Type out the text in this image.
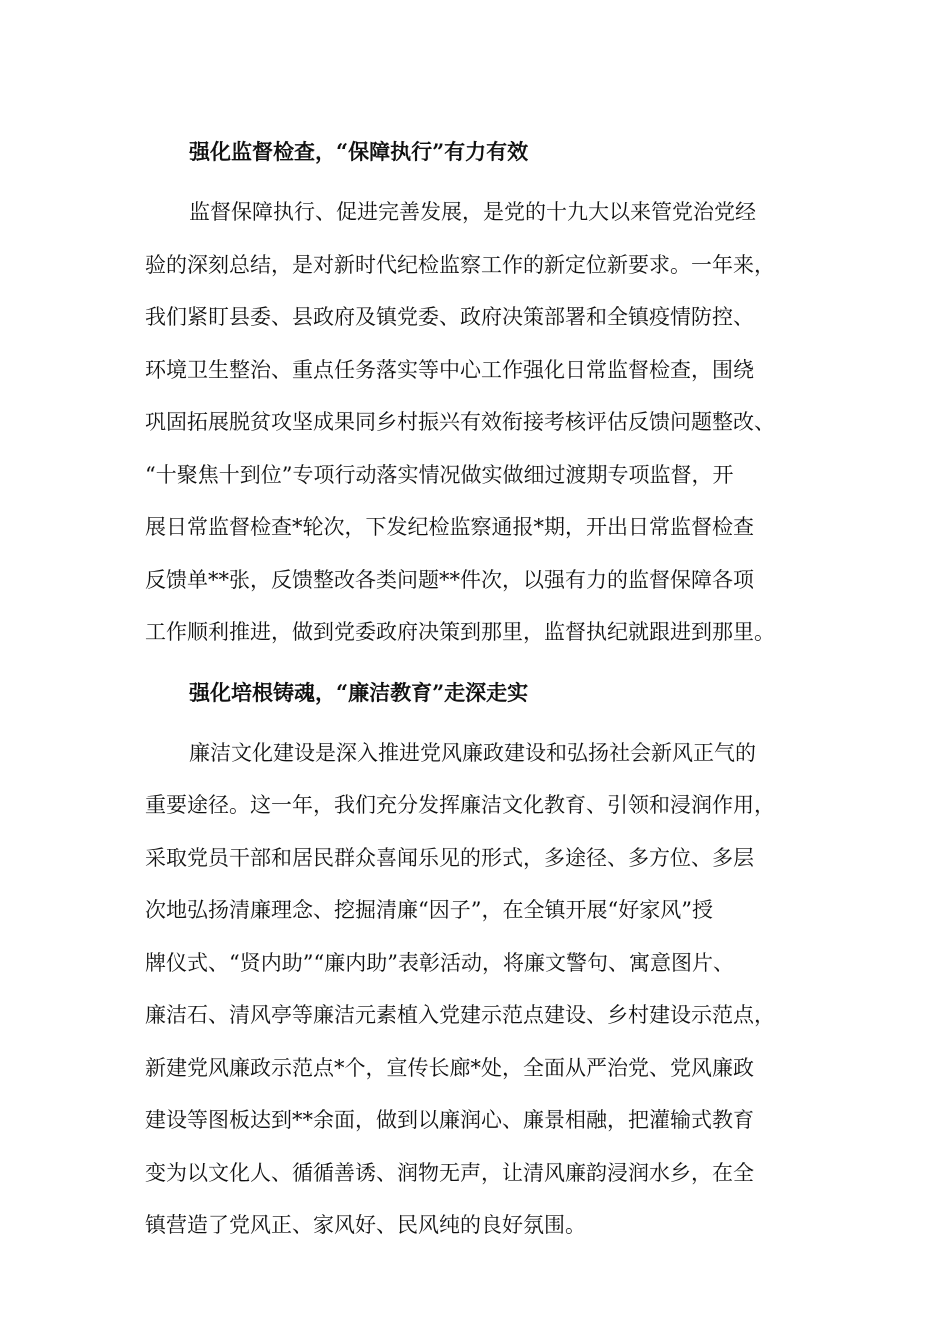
强化监督检查，“保障执行”有力有效

监督保障执行、促进完善发展，是党的十九大以来管党治党经
验的深刻总结，是对新时代纪检监察工作的新定位新要求。一年来，
我们紧盯县委、县政府及镇党委、政府决策部署和全镇疫情防控、
环境卫生整治、重点任务落实等中心工作强化日常监督检查，围绕
巩固拓展脱贫攻坚成果同乡村振兴有效衔接考核评估反馈问题整改、
“十聚焦十到位”专项行动落实情况做实做细过渡期专项监督，开
展日常监督检查*轮次，下发纪检监察通报*期，开出日常监督检查
反馈单**张，反馈整改各类问题**件次，以强有力的监督保障各项
工作顺利推进，做到党委政府决策到那里，监督执纪就跟进到那里。

强化培根铸魂，“廉洁教育”走深走实

廉洁文化建设是深入推进党风廉政建设和弘扬社会新风正气的
重要途径。这一年，我们充分发挥廉洁文化教育、引领和浸润作用，
采取党员干部和居民群众喜闻乐见的形式，多途径、多方位、多层
次地弘扬清廉理念、挖掘清廉“因子”，在全镇开展“好家风”授
牌仪式、“贤内助”“廉内助”表彰活动，将廉文警句、寓意图片、
廉洁石、清风亭等廉洁元素植入党建示范点建设、乡村建设示范点，
新建党风廉政示范点*个，宣传长廊*处，全面从严治党、党风廉政
建设等图板达到**余面，做到以廉润心、廉景相融，把灌输式教育
变为以文化人、循循善诱、润物无声，让清风廉韵浸润水乡，在全
镇营造了党风正、家风好、民风纯的良好氛围。
